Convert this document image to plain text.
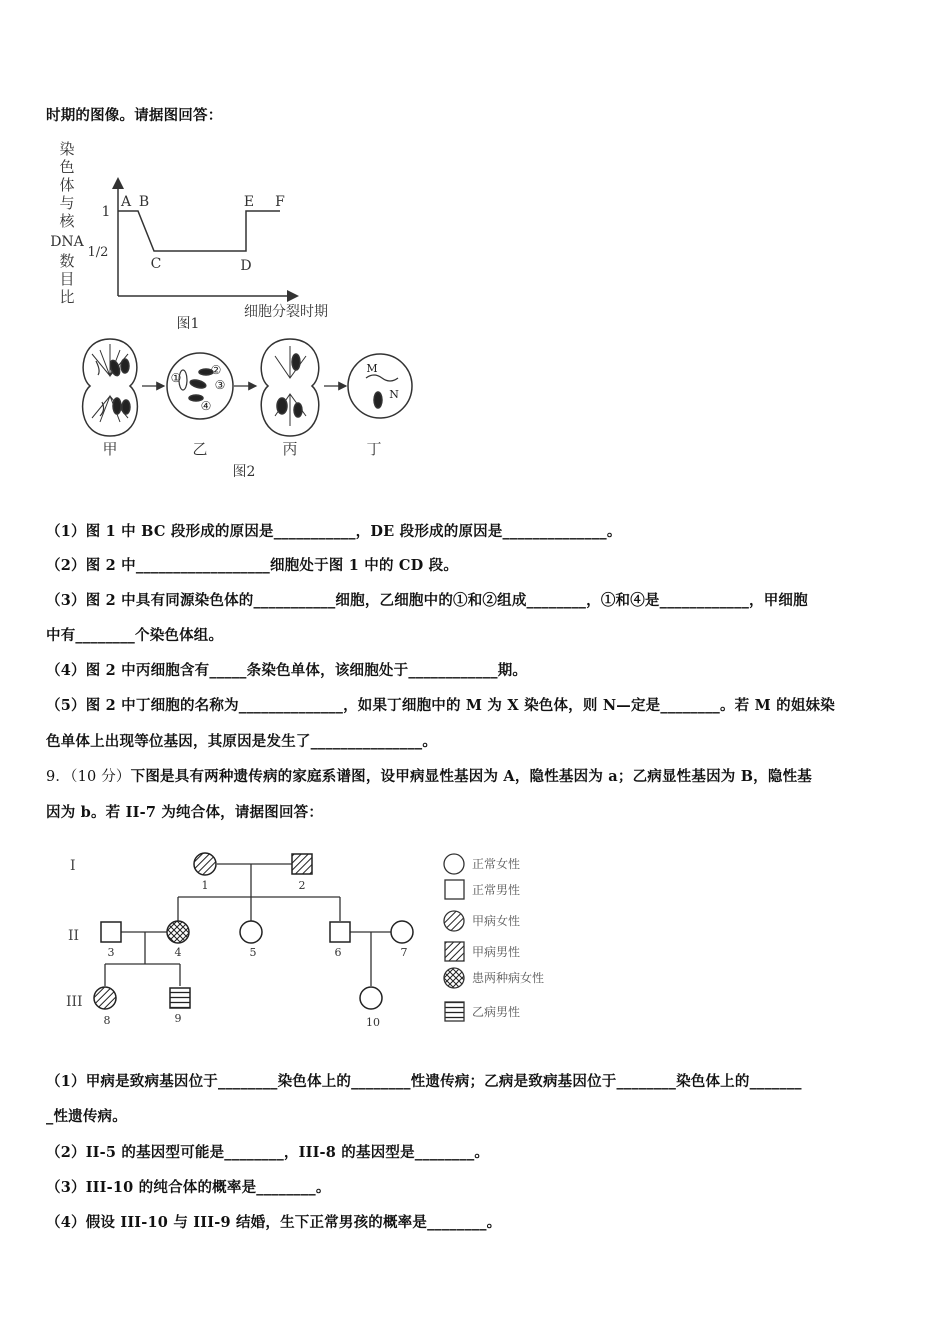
时期的图像。请据图回答：
染
色
体
与
核
DNA
数
目
比
1
1/2
A B
C	D
E F
细胞分裂时期
图1
①
②
③
④
M
N
甲	乙	丙	丁
图2
（1）图 1 中 BC 段形成的原因是___________，DE 段形成的原因是______________。
（2）图 2 中__________________细胞处于图 1 中的 CD 段。
（3）图 2 中具有同源染色体的___________细胞，乙细胞中的①和②组成________，①和④是____________，甲细胞
中有________个染色体组。
（4）图 2 中丙细胞含有_____条染色单体，该细胞处于____________期。
（5）图 2 中丁细胞的名称为______________，如果丁细胞中的 M 为 X 染色体，则 N—定是________。若 M 的姐妹染
色单体上出现等位基因，其原因是发生了_______________。
9．（10 分）下图是具有两种遗传病的家庭系谱图，设甲病显性基因为 A，隐性基因为 a；乙病显性基因为 B，隐性基
因为 b。若 II-7 为纯合体，请据图回答：
I
II
III
1	2
3	4	5	6	7
8	9	10
正常女性
正常男性
甲病女性
甲病男性
患两种病女性
乙病男性
（1）甲病是致病基因位于________染色体上的________性遗传病；乙病是致病基因位于________染色体上的_______
_性遗传病。
（2）II-5 的基因型可能是________，III-8 的基因型是________。
（3）III-10 的纯合体的概率是________。
（4）假设 III-10 与 III-9 结婚，生下正常男孩的概率是________。
